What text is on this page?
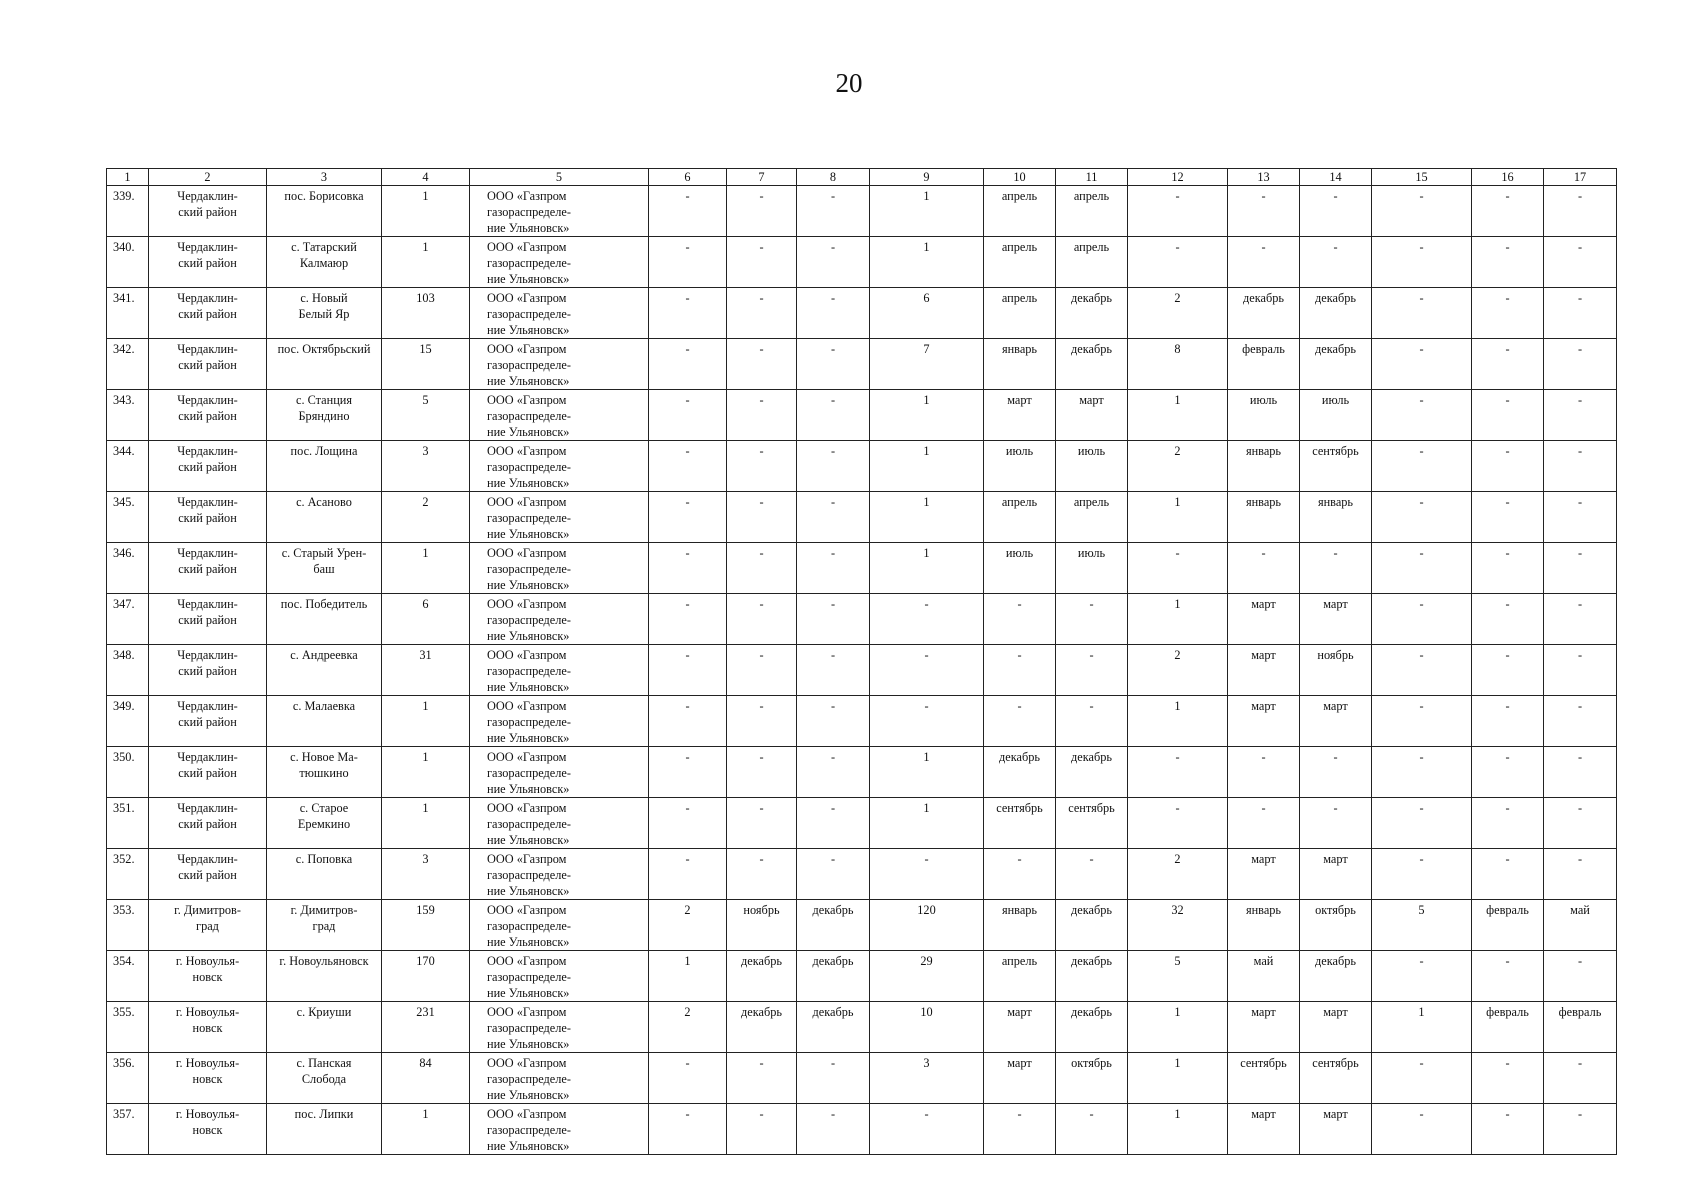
20
1	2	3	4	5	6	7	8	9	10	11	12	13	14	15	16	17
339.	Чердаклин-
ский район	пос. Борисовка	1	ООО «Газпром
газораспределе-
ние Ульяновск»	-	-	-	1	апрель	апрель	-	-	-	-	-	-
340.	Чердаклин-
ский район	с. Татарский
Калмаюр	1	ООО «Газпром
газораспределе-
ние Ульяновск»	-	-	-	1	апрель	апрель	-	-	-	-	-	-
341.	Чердаклин-
ский район	с. Новый
Белый Яр	103	ООО «Газпром
газораспределе-
ние Ульяновск»	-	-	-	6	апрель	декабрь	2	декабрь	декабрь	-	-	-
342.	Чердаклин-
ский район	пос. Октябрьский	15	ООО «Газпром
газораспределе-
ние Ульяновск»	-	-	-	7	январь	декабрь	8	февраль	декабрь	-	-	-
343.	Чердаклин-
ский район	с. Станция
Бряндино	5	ООО «Газпром
газораспределе-
ние Ульяновск»	-	-	-	1	март	март	1	июль	июль	-	-	-
344.	Чердаклин-
ский район	пос. Лощина	3	ООО «Газпром
газораспределе-
ние Ульяновск»	-	-	-	1	июль	июль	2	январь	сентябрь	-	-	-
345.	Чердаклин-
ский район	с. Асаново	2	ООО «Газпром
газораспределе-
ние Ульяновск»	-	-	-	1	апрель	апрель	1	январь	январь	-	-	-
346.	Чердаклин-
ский район	с. Старый Урен-
баш	1	ООО «Газпром
газораспределе-
ние Ульяновск»	-	-	-	1	июль	июль	-	-	-	-	-	-
347.	Чердаклин-
ский район	пос. Победитель	6	ООО «Газпром
газораспределе-
ние Ульяновск»	-	-	-	-	-	-	1	март	март	-	-	-
348.	Чердаклин-
ский район	с. Андреевка	31	ООО «Газпром
газораспределе-
ние Ульяновск»	-	-	-	-	-	-	2	март	ноябрь	-	-	-
349.	Чердаклин-
ский район	с. Малаевка	1	ООО «Газпром
газораспределе-
ние Ульяновск»	-	-	-	-	-	-	1	март	март	-	-	-
350.	Чердаклин-
ский район	с. Новое Ма-
тюшкино	1	ООО «Газпром
газораспределе-
ние Ульяновск»	-	-	-	1	декабрь	декабрь	-	-	-	-	-	-
351.	Чердаклин-
ский район	с. Старое
Еремкино	1	ООО «Газпром
газораспределе-
ние Ульяновск»	-	-	-	1	сентябрь	сентябрь	-	-	-	-	-	-
352.	Чердаклин-
ский район	с. Поповка	3	ООО «Газпром
газораспределе-
ние Ульяновск»	-	-	-	-	-	-	2	март	март	-	-	-
353.	г. Димитров-
град	г. Димитров-
град	159	ООО «Газпром
газораспределе-
ние Ульяновск»	2	ноябрь	декабрь	120	январь	декабрь	32	январь	октябрь	5	февраль	май
354.	г. Новоулья-
новск	г. Новоульяновск	170	ООО «Газпром
газораспределе-
ние Ульяновск»	1	декабрь	декабрь	29	апрель	декабрь	5	май	декабрь	-	-	-
355.	г. Новоулья-
новск	с. Криуши	231	ООО «Газпром
газораспределе-
ние Ульяновск»	2	декабрь	декабрь	10	март	декабрь	1	март	март	1	февраль	февраль
356.	г. Новоулья-
новск	с. Панская
Слобода	84	ООО «Газпром
газораспределе-
ние Ульяновск»	-	-	-	3	март	октябрь	1	сентябрь	сентябрь	-	-	-
357.	г. Новоулья-
новск	пос. Липки	1	ООО «Газпром
газораспределе-
ние Ульяновск»	-	-	-	-	-	-	1	март	март	-	-	-
